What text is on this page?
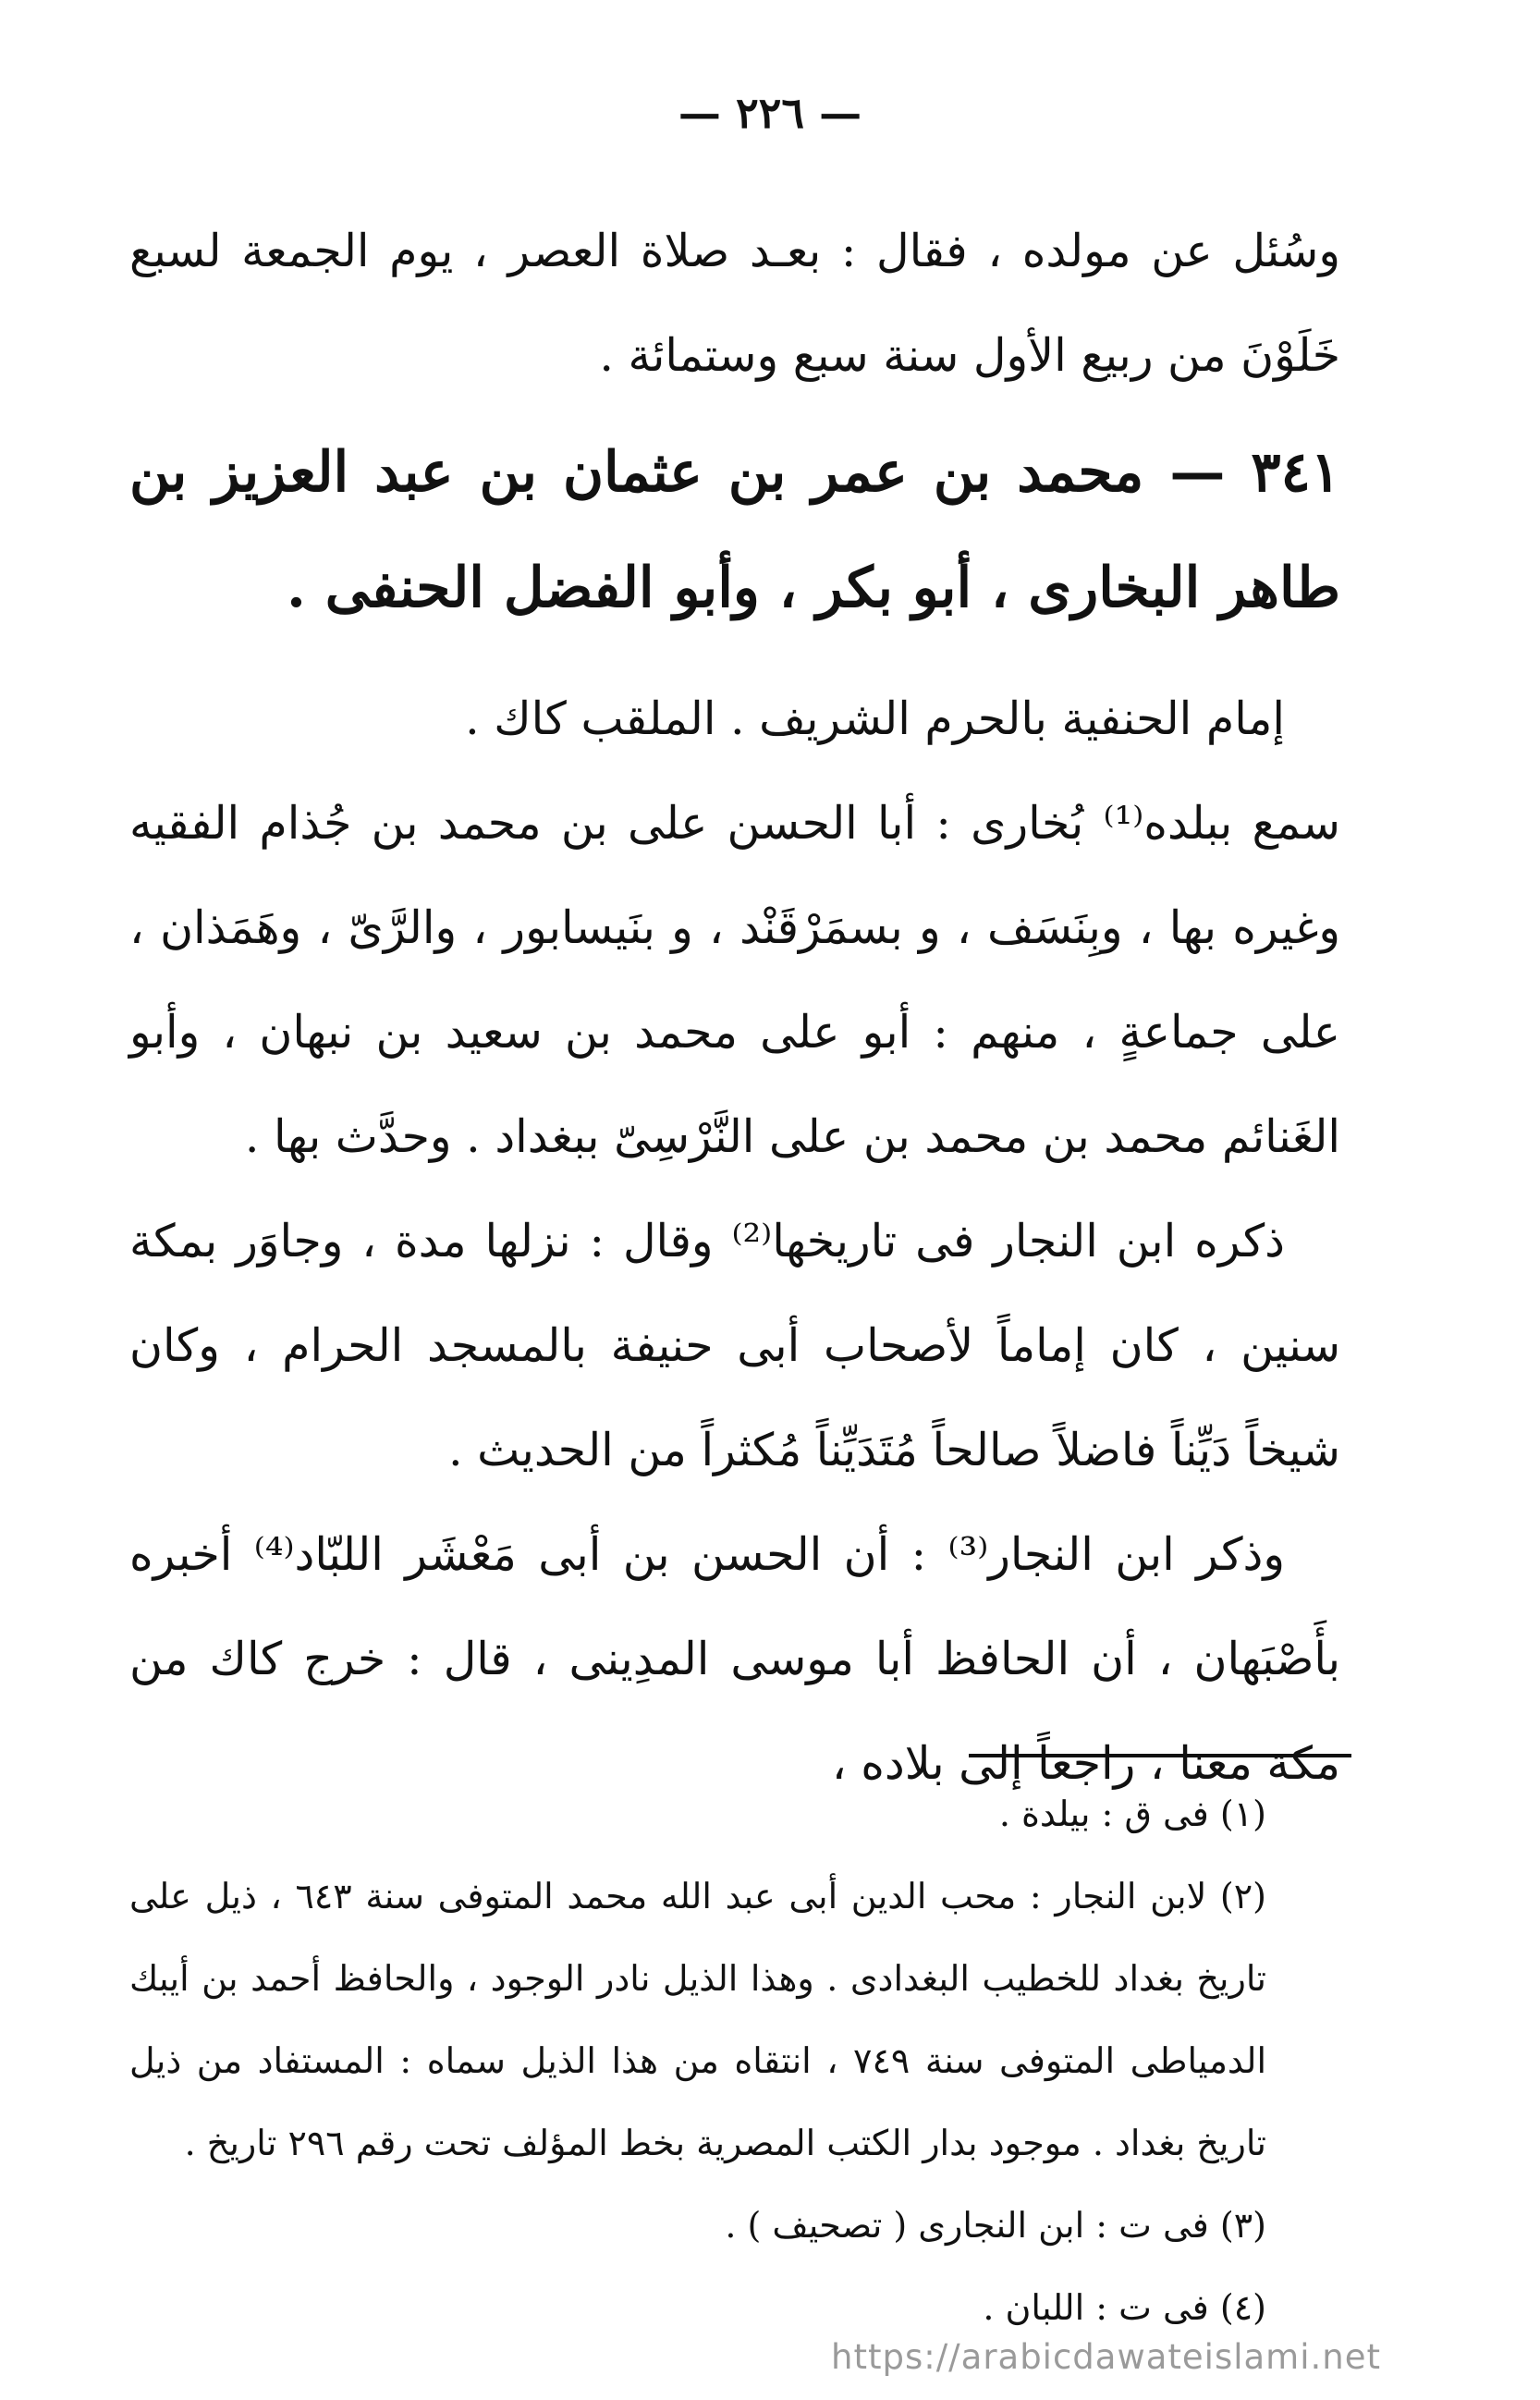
— ٢٢٦ —

وسُئل عن مولده ، فقال : بعـد صلاة العصر ، يوم الجمعة لسبع خَلَوْنَ من ربيع الأول سنة سبع وستمائة .

٣٤١ — محمد بن عمر بن عثمان بن عبد العزيز بن طاهر البخارى ، أبو بكر ، وأبو الفضل الحنفى .

إمام الحنفية بالحرم الشريف . الملقب كاك .

سمع ببلده⁽¹⁾ بُخارى : أبا الحسن على بن محمد بن جُذام الفقيه وغيره بها ، وبِنَسَف ، و بسمَرْقَنْد ، و بنَيسابور ، والرَّىّ ، وهَمَذان ، على جماعةٍ ، منهم : أبو على محمد بن سعيد بن نبهان ، وأبو الغَنائم محمد بن محمد بن على النَّرْسِىّ ببغداد . وحدَّث بها .

ذكره ابن النجار فى تاريخها⁽²⁾ وقال : نزلها مدة ، وجاوَر بمكة سنين ، كان إماماً لأصحاب أبى حنيفة بالمسجد الحرام ، وكان شيخاً دَيِّناً فاضلاً صالحاً مُتَدَيِّناً مُكثراً من الحديث .

وذكر ابن النجار⁽³⁾ : أن الحسن بن أبى مَعْشَر اللبّاد⁽⁴⁾ أخبره بأَصْبَهان ، أن الحافظ أبا موسى المدِينى ، قال : خرج كاك من مكة معنا ، راجعاً إلى بلاده ،

(١) فى ق : بيلدة .

(٢) لابن النجار : محب الدين أبى عبد الله محمد المتوفى سنة ٦٤٣ ، ذيل على تاريخ بغداد للخطيب البغدادى . وهذا الذيل نادر الوجود ، والحافظ أحمد بن أيبك الدمياطى المتوفى سنة ٧٤٩ ، انتقاه من هذا الذيل سماه : المستفاد من ذيل تاريخ بغداد . موجود بدار الكتب المصرية بخط المؤلف تحت رقم ٢٩٦ تاريخ .

(٣) فى ت : ابن النجارى ( تصحيف ) .

(٤) فى ت : اللبان .

https://arabicdawateislami.net
